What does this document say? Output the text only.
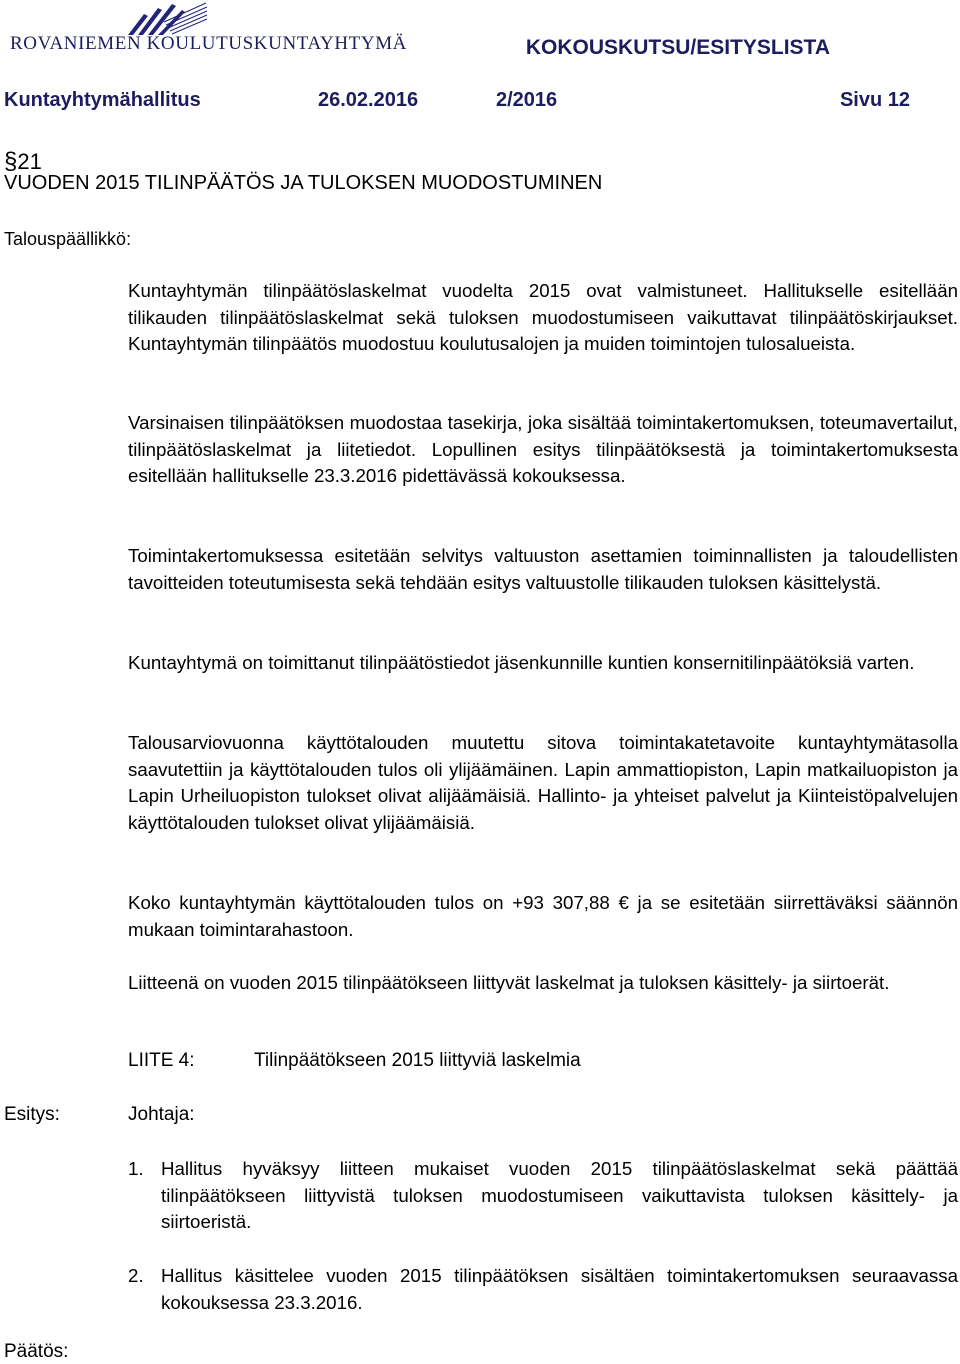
ROVANIEMEN KOULUTUSKUNTAYHTYMÄ	KOKOUSKUTSU/ESITYSLISTA
Kuntayhtymähallitus	26.02.2016	2/2016	Sivu 12
§21
VUODEN 2015 TILINPÄÄTÖS JA TULOKSEN MUODOSTUMINEN
Talouspäällikkö:

Kuntayhtymän tilinpäätöslaskelmat vuodelta 2015 ovat valmistuneet. Hallitukselle esitellään tilikauden tilinpäätöslaskelmat sekä tuloksen muodostumiseen vaikuttavat tilinpäätöskirjaukset. Kuntayhtymän tilinpäätös muodostuu koulutusalojen ja muiden toimintojen tulosalueista.

Varsinaisen tilinpäätöksen muodostaa tasekirja, joka sisältää toimintakertomuksen, toteumavertailut, tilinpäätöslaskelmat ja liitetiedot. Lopullinen esitys tilinpäätöksestä ja toimintakertomuksesta esitellään hallitukselle 23.3.2016 pidettävässä kokouksessa.

Toimintakertomuksessa esitetään selvitys valtuuston asettamien toiminnallisten ja taloudellisten tavoitteiden toteutumisesta sekä tehdään esitys valtuustolle tilikauden tuloksen käsittelystä.

Kuntayhtymä on toimittanut tilinpäätöstiedot jäsenkunnille kuntien konsernitilinpäätöksiä varten.

Talousarviovuonna käyttötalouden muutettu sitova toimintakatetavoite kuntayhtymätasolla saavutettiin ja käyttötalouden tulos oli ylijäämäinen. Lapin ammattiopiston, Lapin matkailuopiston ja Lapin Urheiluopiston tulokset olivat alijäämäisiä. Hallinto- ja yhteiset palvelut ja Kiinteistöpalvelujen käyttötalouden tulokset olivat ylijäämäisiä.

Koko kuntayhtymän käyttötalouden tulos on +93 307,88 € ja se esitetään siirrettäväksi säännön mukaan toimintarahastoon.

Liitteenä on vuoden 2015 tilinpäätökseen liittyvät laskelmat ja tuloksen käsittely- ja siirtoerät.

LIITE 4:	Tilinpäätökseen 2015 liittyviä laskelmia
Esitys:	Johtaja:
1. Hallitus hyväksyy liitteen mukaiset vuoden 2015 tilinpäätöslaskelmat sekä päättää tilinpäätökseen liittyvistä tuloksen muodostumiseen vaikuttavista tuloksen käsittely- ja siirtoeristä.

2. Hallitus käsittelee vuoden 2015 tilinpäätöksen sisältäen toimintakertomuksen seuraavassa kokouksessa 23.3.2016.

Päätös:
